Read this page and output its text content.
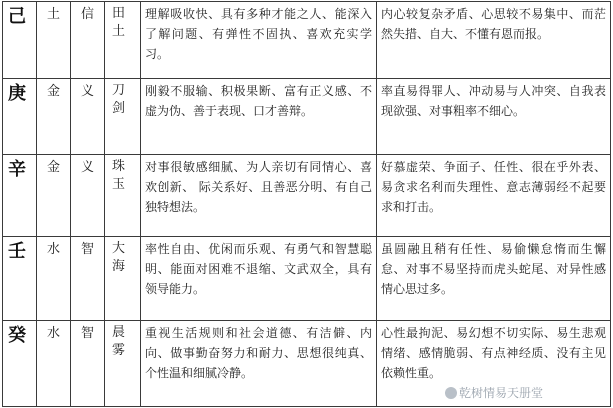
己	土	信	田土	理解吸收快、具有多种才能之人、能深入了解问题、有弹性不固执、喜欢充实学习。	内心较复杂矛盾、心思较不易集中、而茫然失措、自大、不懂有恩而报。
庚	金	义	刀剑	刚毅不服输、积极果断、富有正义感、不虚为伪、善于表现、口才善辩。	率直易得罪人、冲动易与人冲突、自我表现欲强、对事粗率不细心。
辛	金	义	珠玉	对事很敏感细腻、为人亲切有同情心、喜欢创新、 际关系好、且善恶分明、有自己独特想法。	好慕虚荣、争面子、任性、很在乎外表、易贪求名利而失理性、意志薄弱经不起要求和打击。
壬	水	智	大海	率性自由、优闲而乐观、有勇气和智慧聪明、能面对困难不退缩、文武双全，具有领导能力。	虽圆融且稍有任性、易偷懒怠惰而生懈怠、对事不易坚持而虎头蛇尾、对异性感情心思过多。
癸	水	智	晨雾	重视生活规则和社会道德、有洁僻、内向、做事勤奋努力和耐力、思想很纯真、个性温和细腻冷静。	心性最拘泥、易幻想不切实际、易生悲观情绪、感情脆弱、有点神经质、没有主见依赖性重。
乾树情易天册堂
